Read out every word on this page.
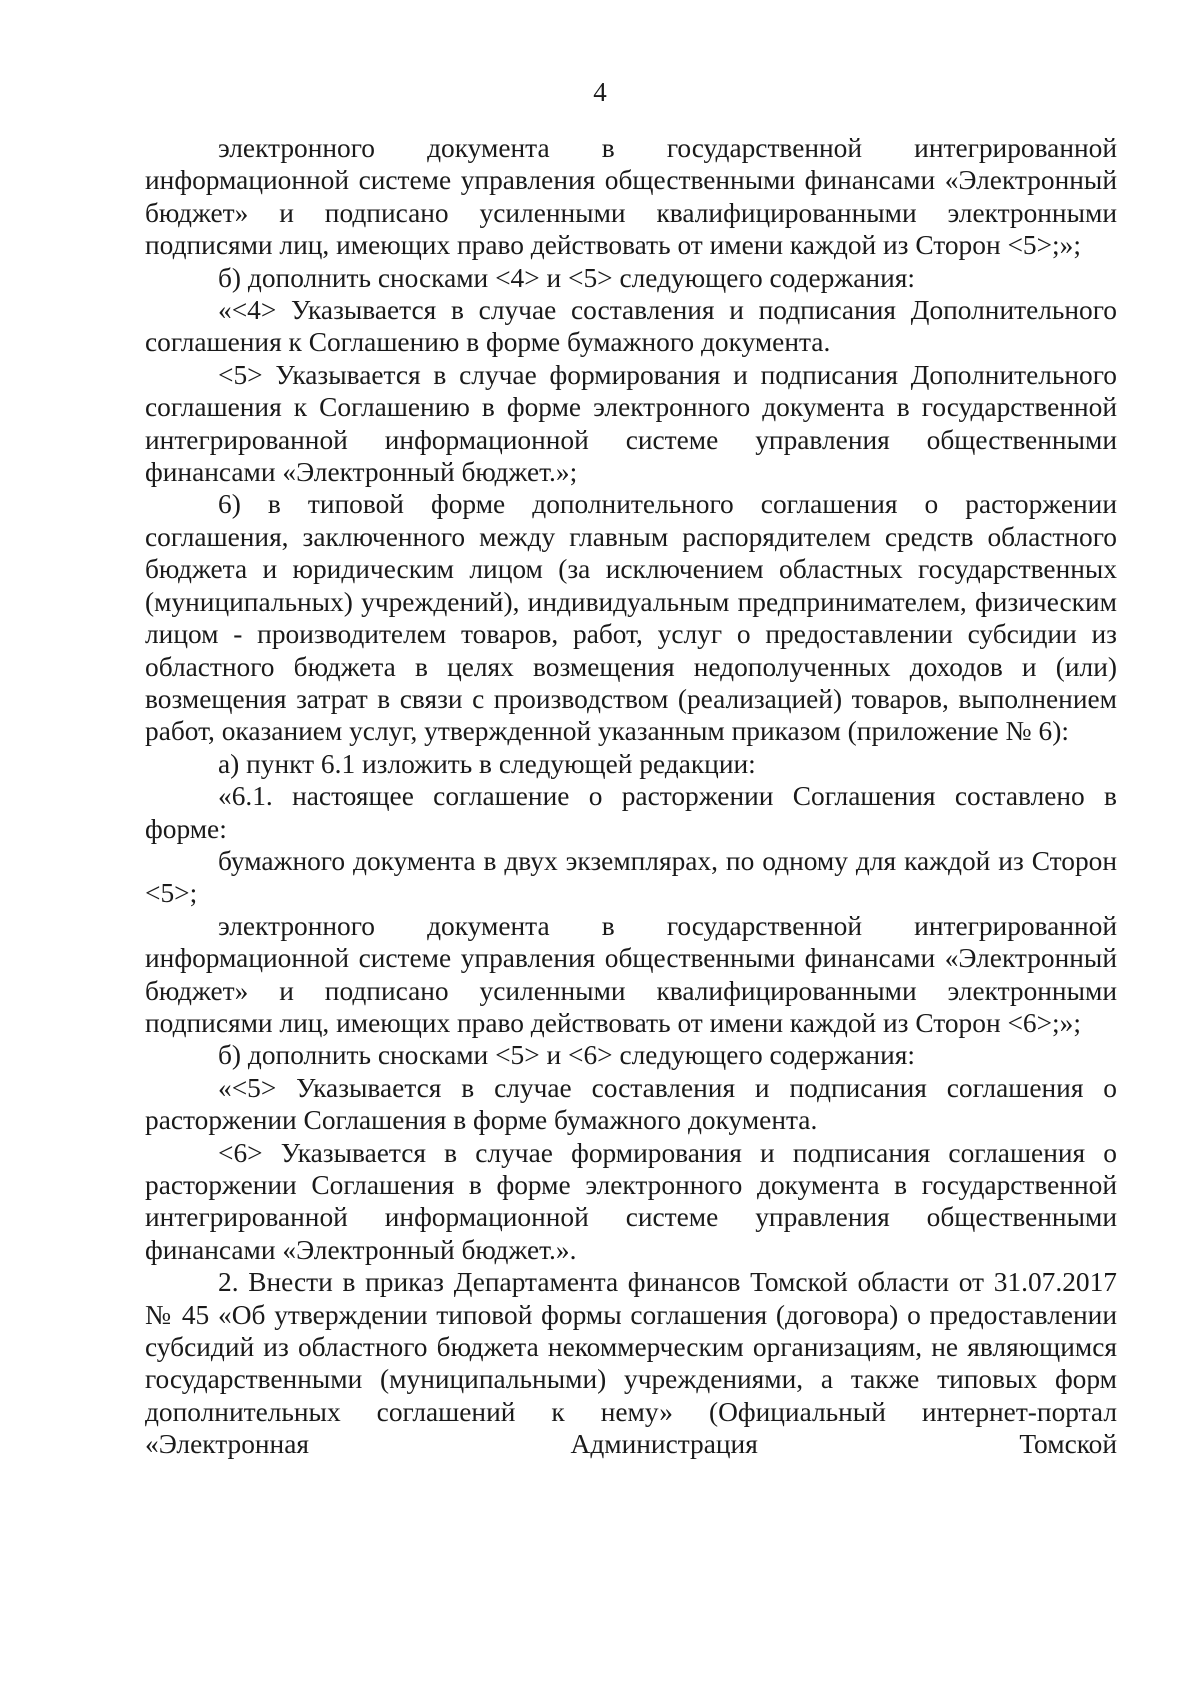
4

электронного документа в государственной интегрированной информационной системе управления общественными финансами «Электронный бюджет» и подписано усиленными квалифицированными электронными подписями лиц, имеющих право действовать от имени каждой из Сторон <5>;»;

б) дополнить сносками <4> и <5> следующего содержания:

«<4> Указывается в случае составления и подписания Дополнительного соглашения к Соглашению в форме бумажного документа.

<5> Указывается в случае формирования и подписания Дополнительного соглашения к Соглашению в форме электронного документа в государственной интегрированной информационной системе управления общественными финансами «Электронный бюджет.»;

6) в типовой форме дополнительного соглашения о расторжении соглашения, заключенного между главным распорядителем средств областного бюджета и юридическим лицом (за исключением областных государственных (муниципальных) учреждений), индивидуальным предпринимателем, физическим лицом - производителем товаров, работ, услуг о предоставлении субсидии из областного бюджета в целях возмещения недополученных доходов и (или) возмещения затрат в связи с производством (реализацией) товаров, выполнением работ, оказанием услуг, утвержденной указанным приказом (приложение № 6):

а) пункт 6.1 изложить в следующей редакции:

«6.1. настоящее соглашение о расторжении Соглашения составлено в форме:

бумажного документа в двух экземплярах, по одному для каждой из Сторон <5>;

электронного документа в государственной интегрированной информационной системе управления общественными финансами «Электронный бюджет» и подписано усиленными квалифицированными электронными подписями лиц, имеющих право действовать от имени каждой из Сторон <6>;»;

б) дополнить сносками <5> и <6> следующего содержания:

«<5> Указывается в случае составления и подписания соглашения о расторжении Соглашения в форме бумажного документа.

<6> Указывается в случае формирования и подписания соглашения о расторжении Соглашения в форме электронного документа в государственной интегрированной информационной системе управления общественными финансами «Электронный бюджет.».

2. Внести в приказ Департамента финансов Томской области от 31.07.2017 № 45 «Об утверждении типовой формы соглашения (договора) о предоставлении субсидий из областного бюджета некоммерческим организациям, не являющимся государственными (муниципальными) учреждениями, а также типовых форм дополнительных соглашений к нему» (Официальный интернет-портал «Электронная Администрация Томской
